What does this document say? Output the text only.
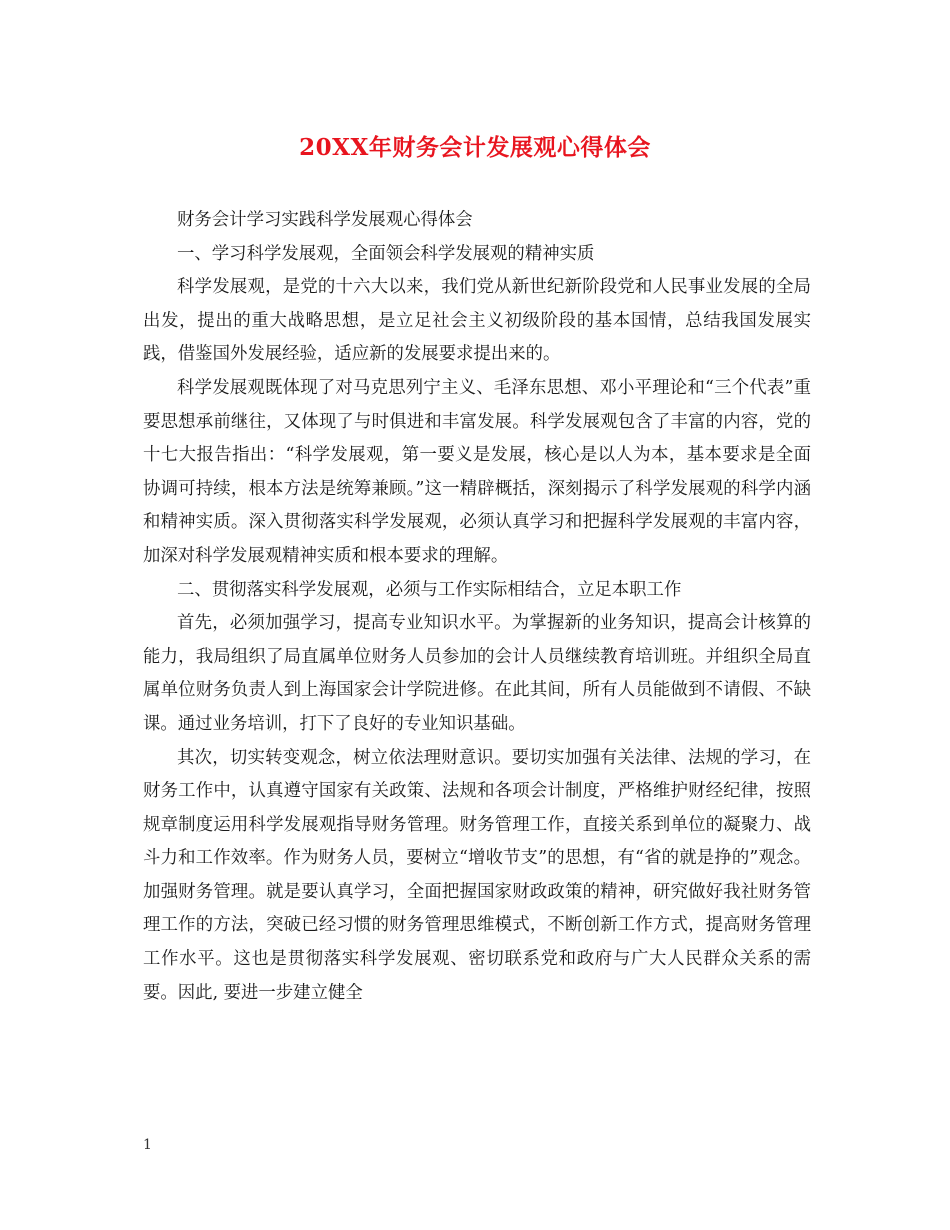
20XX年财务会计发展观心得体会

财务会计学习实践科学发展观心得体会

一、学习科学发展观，全面领会科学发展观的精神实质

科学发展观，是党的十六大以来，我们党从新世纪新阶段党和人民事业发展的全局出发，提出的重大战略思想，是立足社会主义初级阶段的基本国情，总结我国发展实践，借鉴国外发展经验，适应新的发展要求提出来的。

科学发展观既体现了对马克思列宁主义、毛泽东思想、邓小平理论和“三个代表”重要思想承前继往，又体现了与时俱进和丰富发展。科学发展观包含了丰富的内容，党的十七大报告指出：“科学发展观，第一要义是发展，核心是以人为本，基本要求是全面协调可持续，根本方法是统筹兼顾。”这一精辟概括，深刻揭示了科学发展观的科学内涵和精神实质。深入贯彻落实科学发展观，必须认真学习和把握科学发展观的丰富内容，加深对科学发展观精神实质和根本要求的理解。

二、贯彻落实科学发展观，必须与工作实际相结合，立足本职工作

首先，必须加强学习，提高专业知识水平。为掌握新的业务知识，提高会计核算的能力，我局组织了局直属单位财务人员参加的会计人员继续教育培训班。并组织全局直属单位财务负责人到上海国家会计学院进修。在此其间，所有人员能做到不请假、不缺课。通过业务培训，打下了良好的专业知识基础。

其次，切实转变观念，树立依法理财意识。要切实加强有关法律、法规的学习，在财务工作中，认真遵守国家有关政策、法规和各项会计制度，严格维护财经纪律，按照规章制度运用科学发展观指导财务管理。财务管理工作，直接关系到单位的凝聚力、战斗力和工作效率。作为财务人员，要树立“增收节支”的思想，有“省的就是挣的”观念。加强财务管理。就是要认真学习，全面把握国家财政政策的精神，研究做好我社财务管理工作的方法，突破已经习惯的财务管理思维模式，不断创新工作方式，提高财务管理工作水平。这也是贯彻落实科学发展观、密切联系党和政府与广大人民群众关系的需要。因此, 要进一步建立健全

1
